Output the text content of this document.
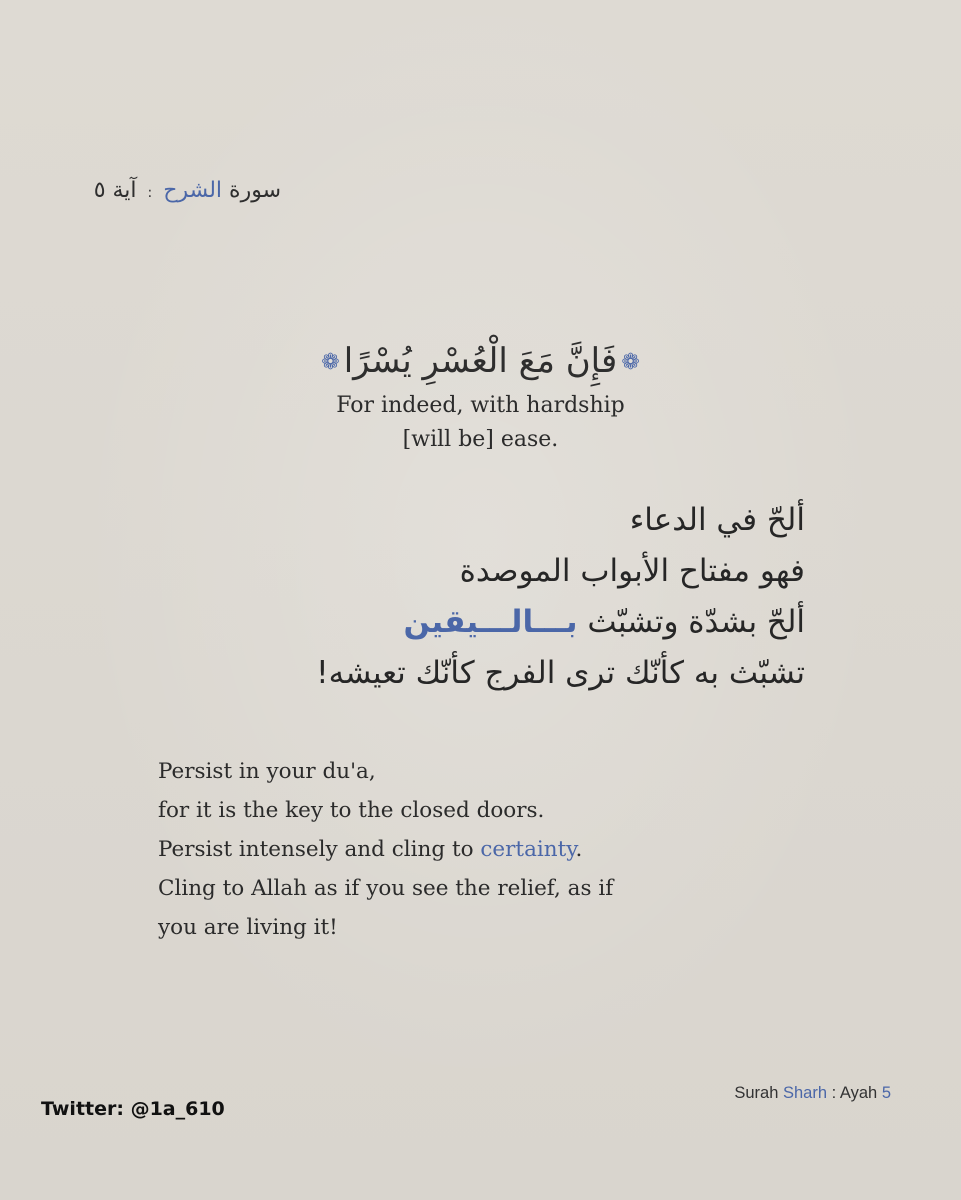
سورة الشرح : آية ٥
❁فَإِنَّ مَعَ الْعُسْرِ يُسْرًا❁
For indeed, with hardship
[will be] ease.
ألحّ في الدعاء
فهو مفتاح الأبواب الموصدة
ألحّ بشدّة وتشبّث بـــالـــيقين
تشبّث به كأنّك ترى الفرج كأنّك تعيشه!
Persist in your du'a,
for it is the key to the closed doors.
Persist intensely and cling to certainty.
Cling to Allah as if you see the relief, as if
you are living it!
Twitter: @1a_610
Surah Sharh : Ayah 5
